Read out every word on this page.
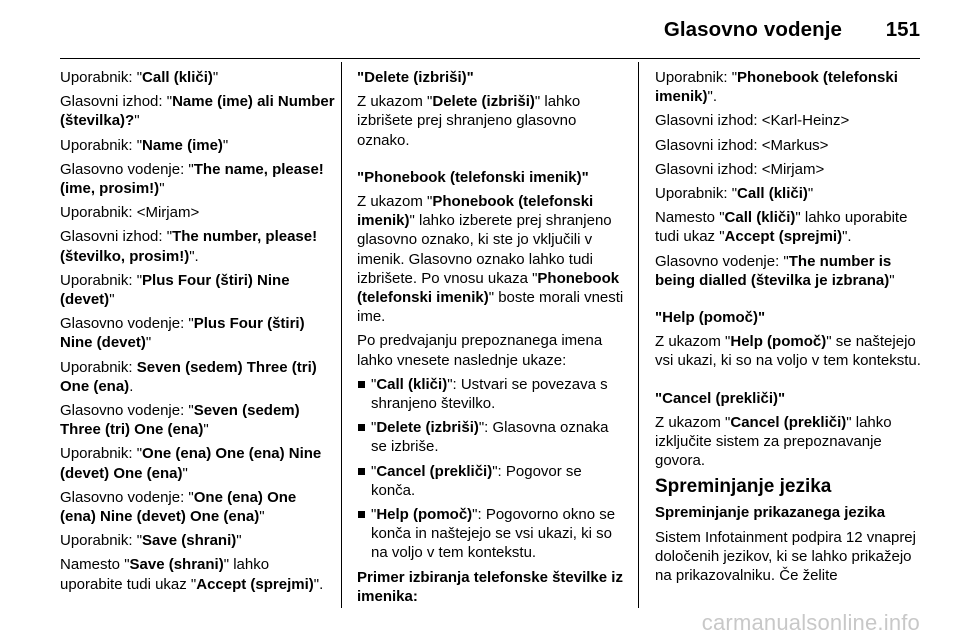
Glasovno vodenje 151

Uporabnik: "Call (kliči)"

Glasovni izhod: "Name (ime) ali Number (številka)?"

Uporabnik: "Name (ime)"

Glasovno vodenje: "The name, please! (ime, prosim!)"

Uporabnik: <Mirjam>

Glasovni izhod: "The number, please! (številko, prosim!)".

Uporabnik: "Plus Four (štiri) Nine (devet)"

Glasovno vodenje: "Plus Four (štiri) Nine (devet)"

Uporabnik: Seven (sedem) Three (tri) One (ena).

Glasovno vodenje: "Seven (sedem) Three (tri) One (ena)"

Uporabnik: "One (ena) One (ena) Nine (devet) One (ena)"

Glasovno vodenje: "One (ena) One (ena) Nine (devet) One (ena)"

Uporabnik: "Save (shrani)"

Namesto "Save (shrani)" lahko uporabite tudi ukaz "Accept (sprejmi)".

"Delete (izbriši)"

Z ukazom "Delete (izbriši)" lahko izbrišete prej shranjeno glasovno oznako.

"Phonebook (telefonski imenik)"

Z ukazom "Phonebook (telefonski imenik)" lahko izberete prej shranjeno glasovno oznako, ki ste jo vključili v imenik. Glasovno oznako lahko tudi izbrišete. Po vnosu ukaza "Phonebook (telefonski imenik)" boste morali vnesti ime.

Po predvajanju prepoznanega imena lahko vnesete naslednje ukaze:

"Call (kliči)": Ustvari se povezava s shranjeno številko.
"Delete (izbriši)": Glasovna oznaka se izbriše.
"Cancel (prekliči)": Pogovor se konča.
"Help (pomoč)": Pogovorno okno se konča in naštejejo se vsi ukazi, ki so na voljo v tem kontekstu.

Primer izbiranja telefonske številke iz imenika:

Uporabnik: "Phonebook (telefonski imenik)".

Glasovni izhod: <Karl-Heinz>

Glasovni izhod: <Markus>

Glasovni izhod: <Mirjam>

Uporabnik: "Call (kliči)"

Namesto "Call (kliči)" lahko uporabite tudi ukaz "Accept (sprejmi)".

Glasovno vodenje: "The number is being dialled (številka je izbrana)"

"Help (pomoč)"

Z ukazom "Help (pomoč)" se naštejejo vsi ukazi, ki so na voljo v tem kontekstu.

"Cancel (prekliči)"

Z ukazom "Cancel (prekliči)" lahko izključite sistem za prepoznavanje govora.

Spreminjanje jezika

Spreminjanje prikazanega jezika

Sistem Infotainment podpira 12 vnaprej določenih jezikov, ki se lahko prikažejo na prikazovalniku. Če želite

carmanualsonline.info
